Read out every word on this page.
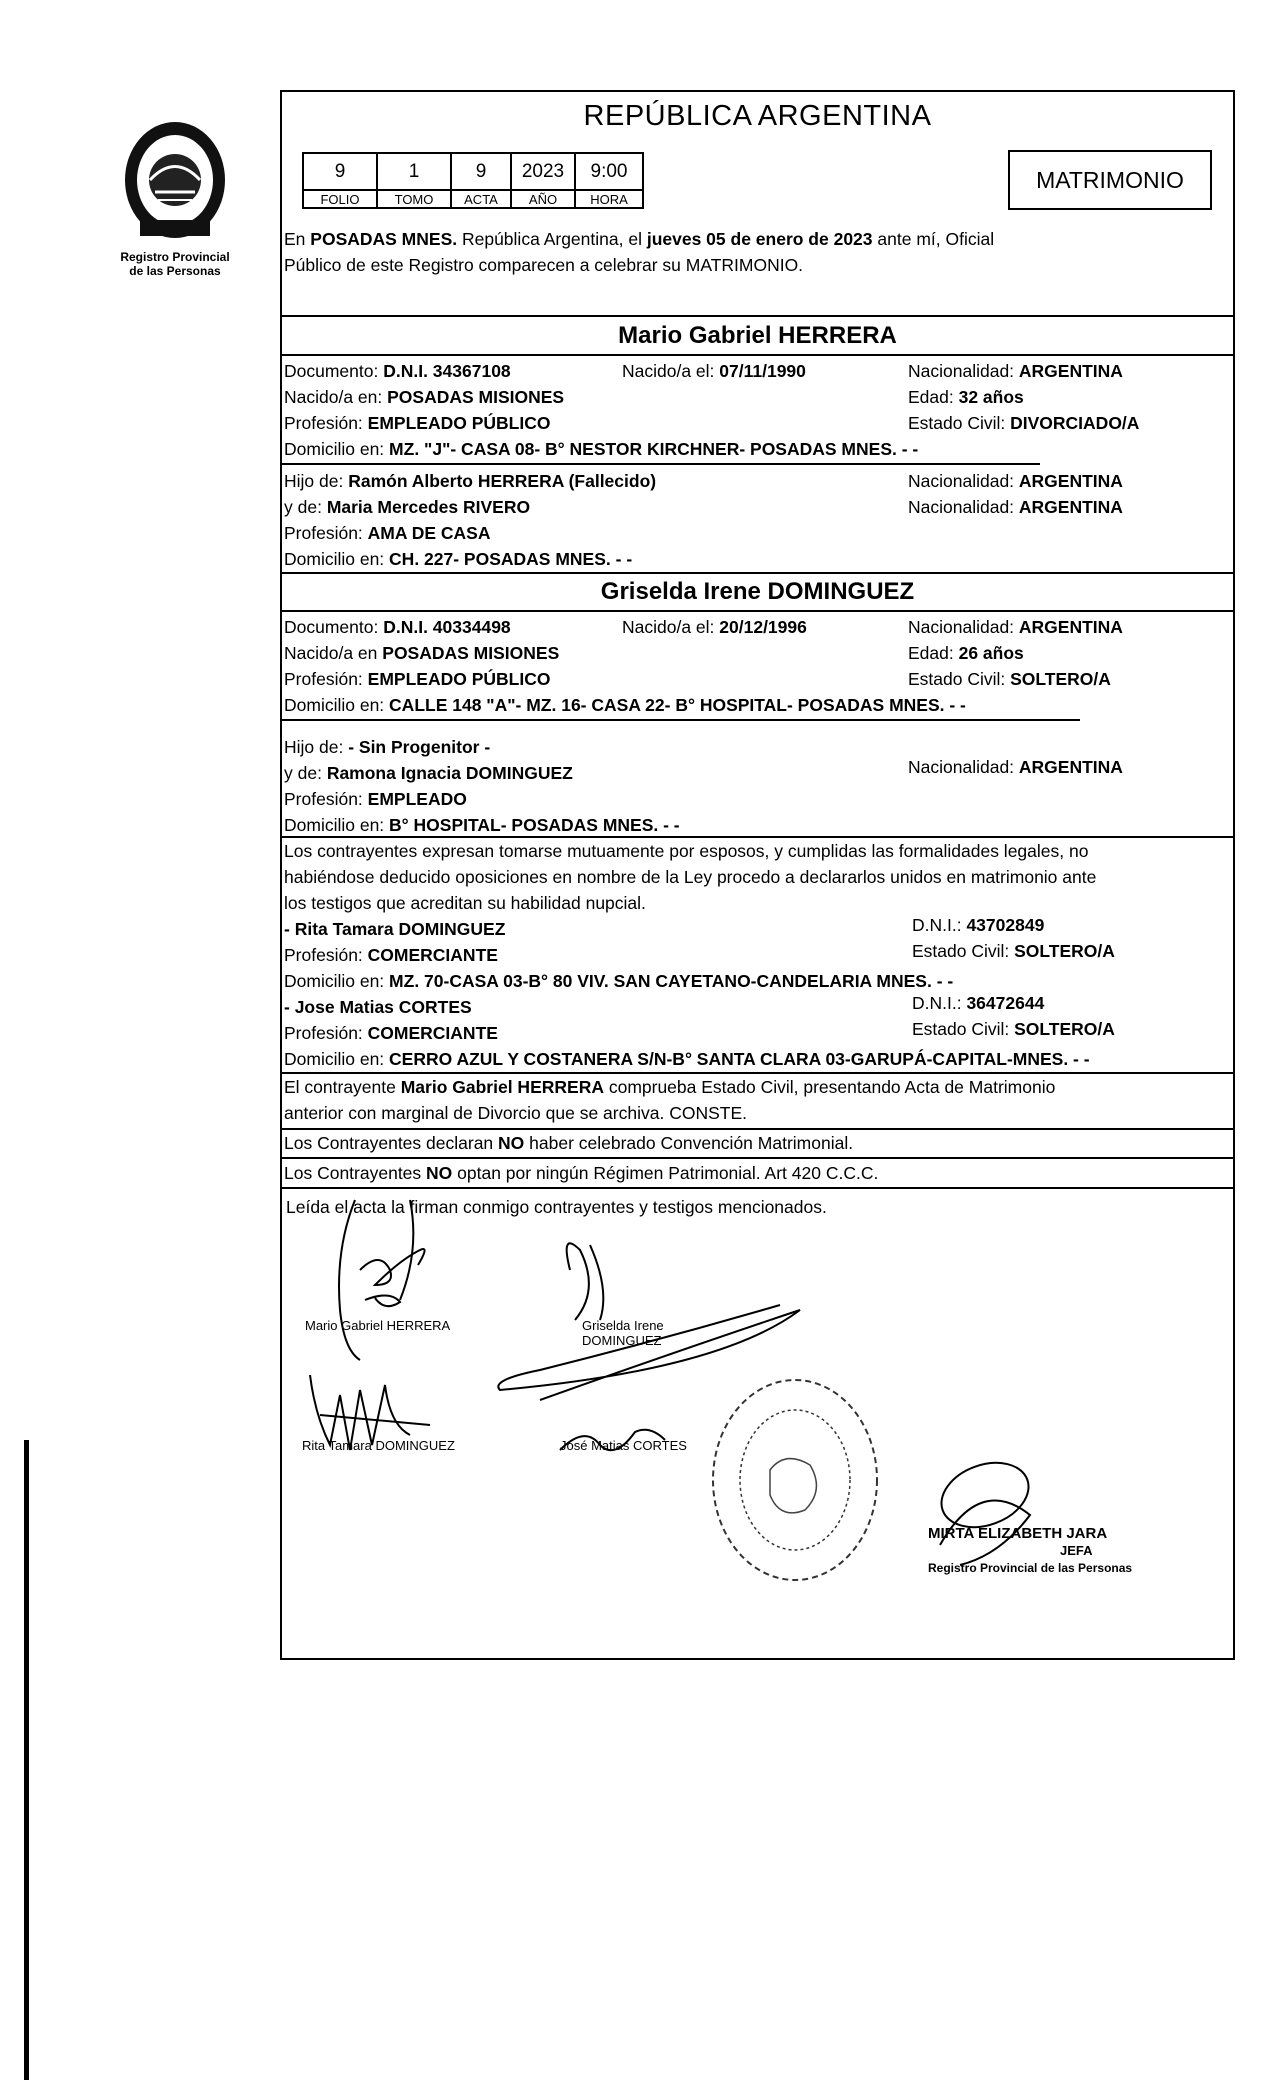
Registro Provincial
de las Personas
REPÚBLICA ARGENTINA
9	1	9	2023	9:00
FOLIO	TOMO	ACTA	AÑO	HORA
MATRIMONIO
En POSADAS MNES. República Argentina, el jueves 05 de enero de 2023 ante mí, Oficial
Público de este Registro comparecen a celebrar su MATRIMONIO.
Mario Gabriel HERRERA
Documento: D.N.I. 34367108	Nacido/a el: 07/11/1990	Nacionalidad: ARGENTINA
Nacido/a en: POSADAS MISIONES	Edad: 32 años
Profesión: EMPLEADO PÚBLICO	Estado Civil: DIVORCIADO/A
Domicilio en: MZ. "J"- CASA 08- B° NESTOR KIRCHNER- POSADAS MNES. - -
Hijo de: Ramón Alberto HERRERA (Fallecido)	Nacionalidad: ARGENTINA
y de: Maria Mercedes RIVERO	Nacionalidad: ARGENTINA
Profesión: AMA DE CASA
Domicilio en: CH. 227- POSADAS MNES. - -
Griselda Irene DOMINGUEZ
Documento: D.N.I. 40334498	Nacido/a el: 20/12/1996	Nacionalidad: ARGENTINA
Nacido/a en POSADAS MISIONES	Edad: 26 años
Profesión: EMPLEADO PÚBLICO	Estado Civil: SOLTERO/A
Domicilio en: CALLE 148 "A"- MZ. 16- CASA 22- B° HOSPITAL- POSADAS MNES. - -
Hijo de: - Sin Progenitor -
y de: Ramona Ignacia DOMINGUEZ	Nacionalidad: ARGENTINA
Profesión: EMPLEADO
Domicilio en: B° HOSPITAL- POSADAS MNES. - -
Los contrayentes expresan tomarse mutuamente por esposos, y cumplidas las formalidades legales, no
habiéndose deducido oposiciones en nombre de la Ley procedo a declararlos unidos en matrimonio ante
los testigos que acreditan su habilidad nupcial.
- Rita Tamara DOMINGUEZ	D.N.I.: 43702849
Profesión: COMERCIANTE	Estado Civil: SOLTERO/A
Domicilio en: MZ. 70-CASA 03-B° 80 VIV. SAN CAYETANO-CANDELARIA MNES. - -
- Jose Matias CORTES	D.N.I.: 36472644
Profesión: COMERCIANTE	Estado Civil: SOLTERO/A
Domicilio en: CERRO AZUL Y COSTANERA S/N-B° SANTA CLARA 03-GARUPÁ-CAPITAL-MNES. - -
El contrayente Mario Gabriel HERRERA comprueba Estado Civil, presentando Acta de Matrimonio
anterior con marginal de Divorcio que se archiva. CONSTE.
Los Contrayentes declaran NO haber celebrado Convención Matrimonial.
Los Contrayentes NO optan por ningún Régimen Patrimonial. Art 420 C.C.C.
Leída el acta la firman conmigo contrayentes y testigos mencionados.
Mario Gabriel HERRERA	Griselda Irene
DOMINGUEZ
Rita Tamara DOMINGUEZ	José Matias CORTES
MIRTA ELIZABETH JARA
JEFA
Registro Provincial de las Personas
